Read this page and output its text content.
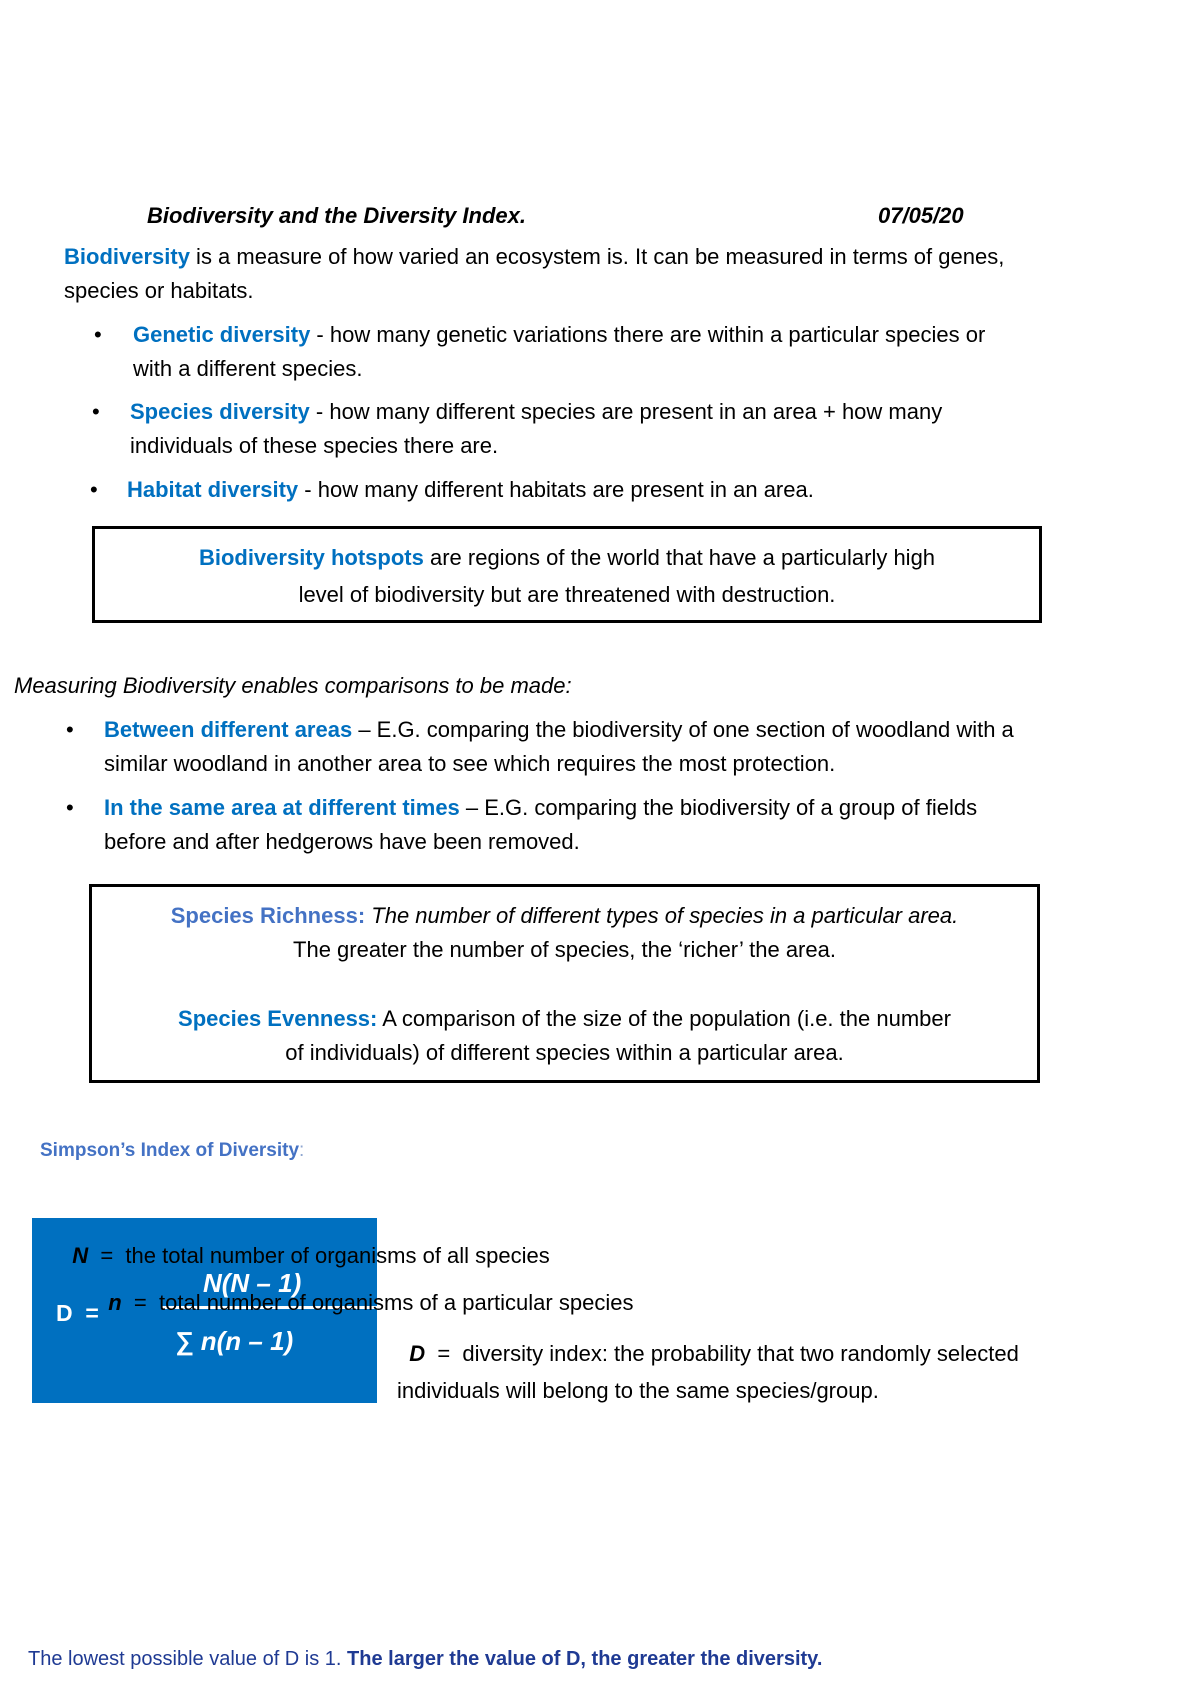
Biodiversity and the Diversity Index.	07/05/20
Biodiversity is a measure of how varied an ecosystem is. It can be measured in terms of genes,
species or habitats.
• Genetic diversity - how many genetic variations there are within a particular species or
with a different species.
• Species diversity - how many different species are present in an area + how many
individuals of these species there are.
• Habitat diversity - how many different habitats are present in an area.
Biodiversity hotspots are regions of the world that have a particularly high
level of biodiversity but are threatened with destruction.
Measuring Biodiversity enables comparisons to be made:
• Between different areas – E.G. comparing the biodiversity of one section of woodland with a
similar woodland in another area to see which requires the most protection.
• In the same area at different times – E.G. comparing the biodiversity of a group of fields
before and after hedgerows have been removed.
Species Richness: The number of different types of species in a particular area.
The greater the number of species, the ‘richer’ the area.
Species Evenness: A comparison of the size of the population (i.e. the number
of individuals) of different species within a particular area.
Simpson’s Index of Diversity:
D  =
N(N – 1)
∑ n(n – 1)

N =  the total number of organisms of all species

n =  total number of organisms of a particular species

D =  diversity index: the probability that two randomly selected
individuals will belong to the same species/group.

The lowest possible value of D is 1. The larger the value of D, the greater the diversity.
